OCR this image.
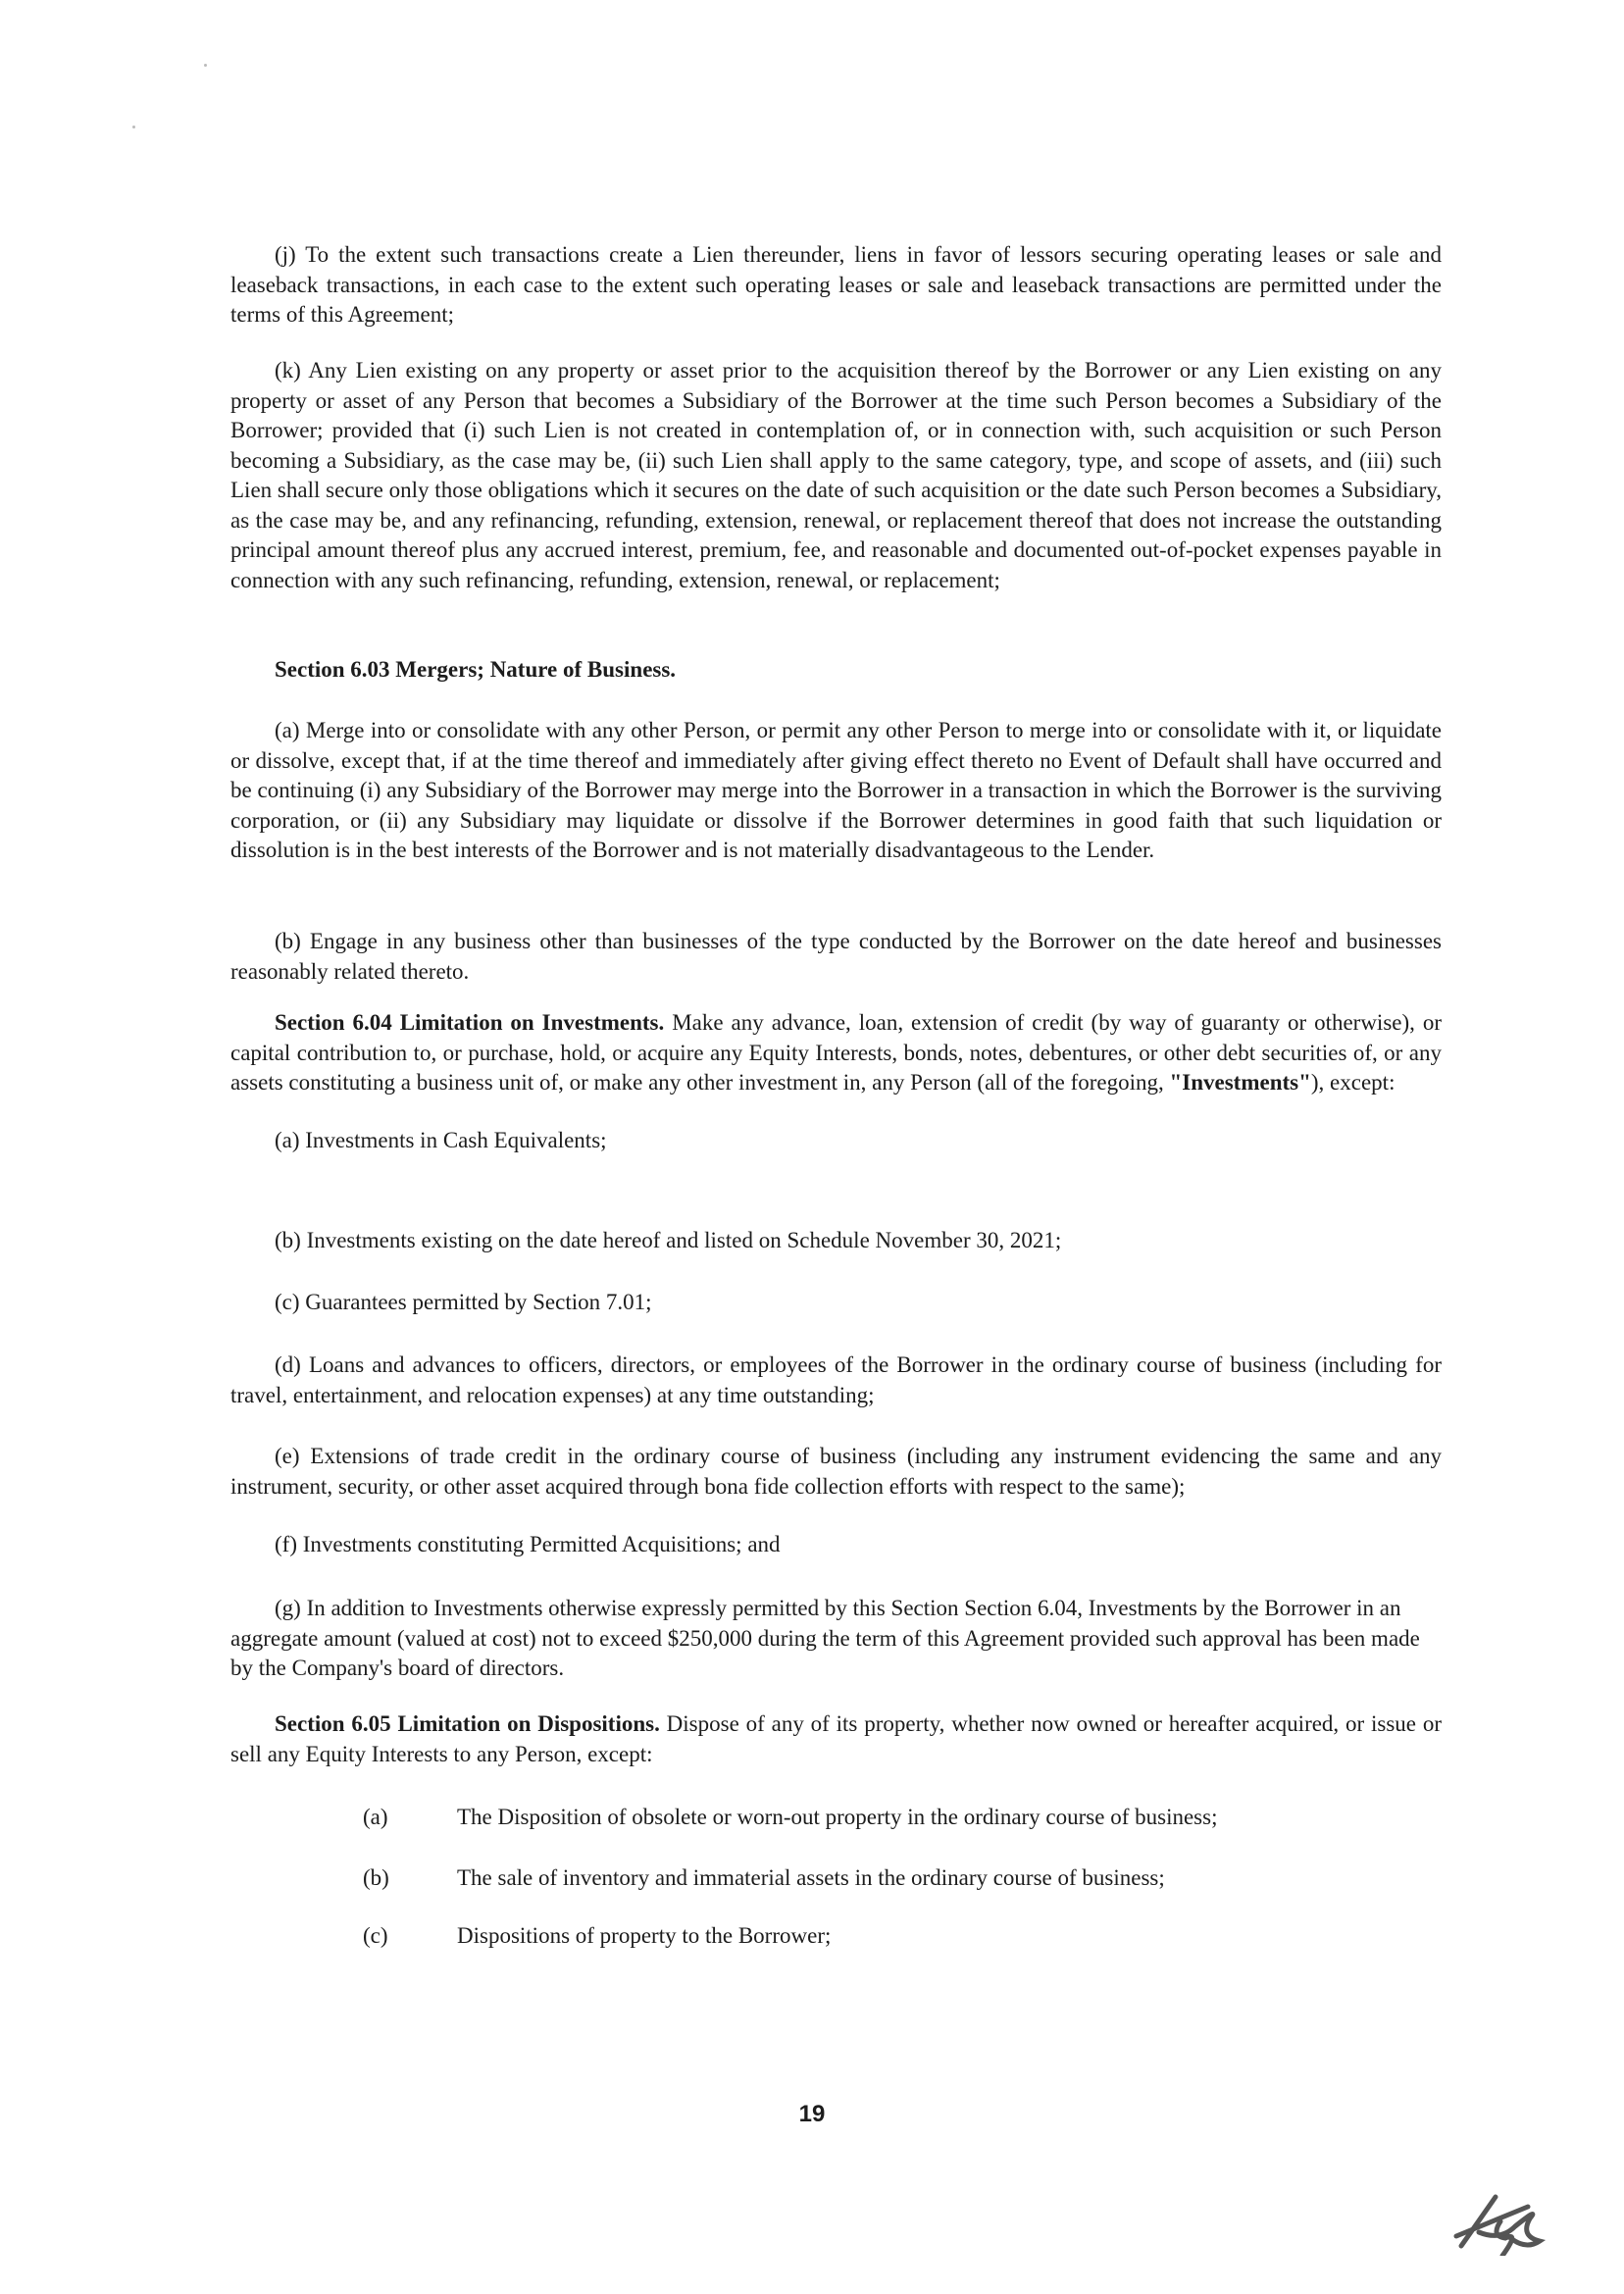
(j) To the extent such transactions create a Lien thereunder, liens in favor of lessors securing operating leases or sale and leaseback transactions, in each case to the extent such operating leases or sale and leaseback transactions are permitted under the terms of this Agreement;

(k) Any Lien existing on any property or asset prior to the acquisition thereof by the Borrower or any Lien existing on any property or asset of any Person that becomes a Subsidiary of the Borrower at the time such Person becomes a Subsidiary of the Borrower; provided that (i) such Lien is not created in contemplation of, or in connection with, such acquisition or such Person becoming a Subsidiary, as the case may be, (ii) such Lien shall apply to the same category, type, and scope of assets, and (iii) such Lien shall secure only those obligations which it secures on the date of such acquisition or the date such Person becomes a Subsidiary, as the case may be, and any refinancing, refunding, extension, renewal, or replacement thereof that does not increase the outstanding principal amount thereof plus any accrued interest, premium, fee, and reasonable and documented out-of-pocket expenses payable in connection with any such refinancing, refunding, extension, renewal, or replacement;

Section 6.03 Mergers; Nature of Business.

(a) Merge into or consolidate with any other Person, or permit any other Person to merge into or consolidate with it, or liquidate or dissolve, except that, if at the time thereof and immediately after giving effect thereto no Event of Default shall have occurred and be continuing (i) any Subsidiary of the Borrower may merge into the Borrower in a transaction in which the Borrower is the surviving corporation, or (ii) any Subsidiary may liquidate or dissolve if the Borrower determines in good faith that such liquidation or dissolution is in the best interests of the Borrower and is not materially disadvantageous to the Lender.

(b) Engage in any business other than businesses of the type conducted by the Borrower on the date hereof and businesses reasonably related thereto.

Section 6.04 Limitation on Investments. Make any advance, loan, extension of credit (by way of guaranty or otherwise), or capital contribution to, or purchase, hold, or acquire any Equity Interests, bonds, notes, debentures, or other debt securities of, or any assets constituting a business unit of, or make any other investment in, any Person (all of the foregoing, "Investments"), except:

(a) Investments in Cash Equivalents;

(b) Investments existing on the date hereof and listed on Schedule November 30, 2021;

(c) Guarantees permitted by Section 7.01;

(d) Loans and advances to officers, directors, or employees of the Borrower in the ordinary course of business (including for travel, entertainment, and relocation expenses) at any time outstanding;

(e) Extensions of trade credit in the ordinary course of business (including any instrument evidencing the same and any instrument, security, or other asset acquired through bona fide collection efforts with respect to the same);

(f) Investments constituting Permitted Acquisitions; and

(g) In addition to Investments otherwise expressly permitted by this Section Section 6.04, Investments by the Borrower in an aggregate amount (valued at cost) not to exceed $250,000 during the term of this Agreement provided such approval has been made by the Company's board of directors.

Section 6.05 Limitation on Dispositions. Dispose of any of its property, whether now owned or hereafter acquired, or issue or sell any Equity Interests to any Person, except:

(a)	The Disposition of obsolete or worn-out property in the ordinary course of business;
(b)	The sale of inventory and immaterial assets in the ordinary course of business;
(c)	Dispositions of property to the Borrower;
19
